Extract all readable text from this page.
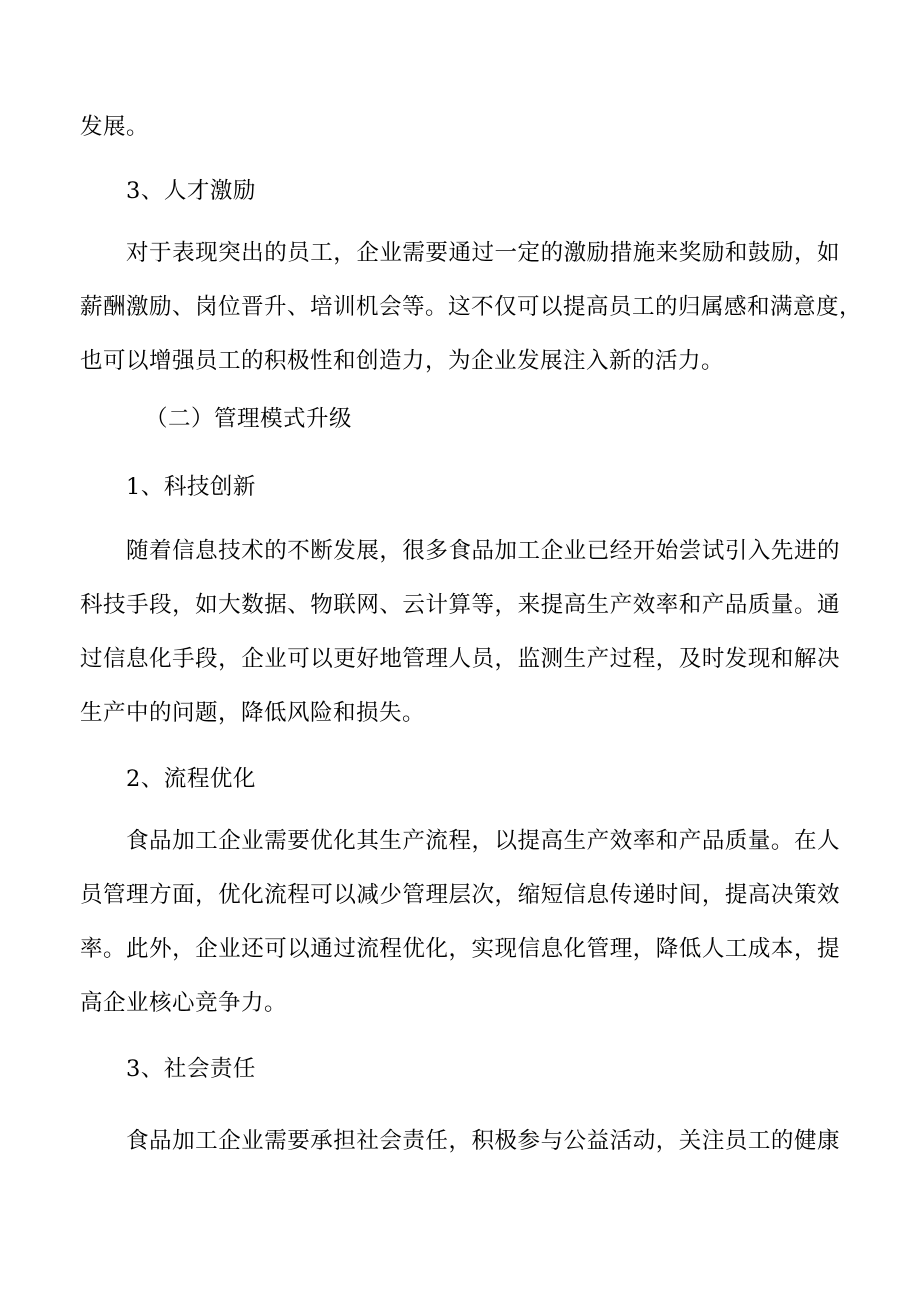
发展。
3、人才激励
对于表现突出的员工，企业需要通过一定的激励措施来奖励和鼓励，如
薪酬激励、岗位晋升、培训机会等。这不仅可以提高员工的归属感和满意度，
也可以增强员工的积极性和创造力，为企业发展注入新的活力。
（二）管理模式升级
1、科技创新
随着信息技术的不断发展，很多食品加工企业已经开始尝试引入先进的
科技手段，如大数据、物联网、云计算等，来提高生产效率和产品质量。通
过信息化手段，企业可以更好地管理人员，监测生产过程，及时发现和解决
生产中的问题，降低风险和损失。
2、流程优化
食品加工企业需要优化其生产流程，以提高生产效率和产品质量。在人
员管理方面，优化流程可以减少管理层次，缩短信息传递时间，提高决策效
率。此外，企业还可以通过流程优化，实现信息化管理，降低人工成本，提
高企业核心竞争力。
3、社会责任
食品加工企业需要承担社会责任，积极参与公益活动，关注员工的健康
